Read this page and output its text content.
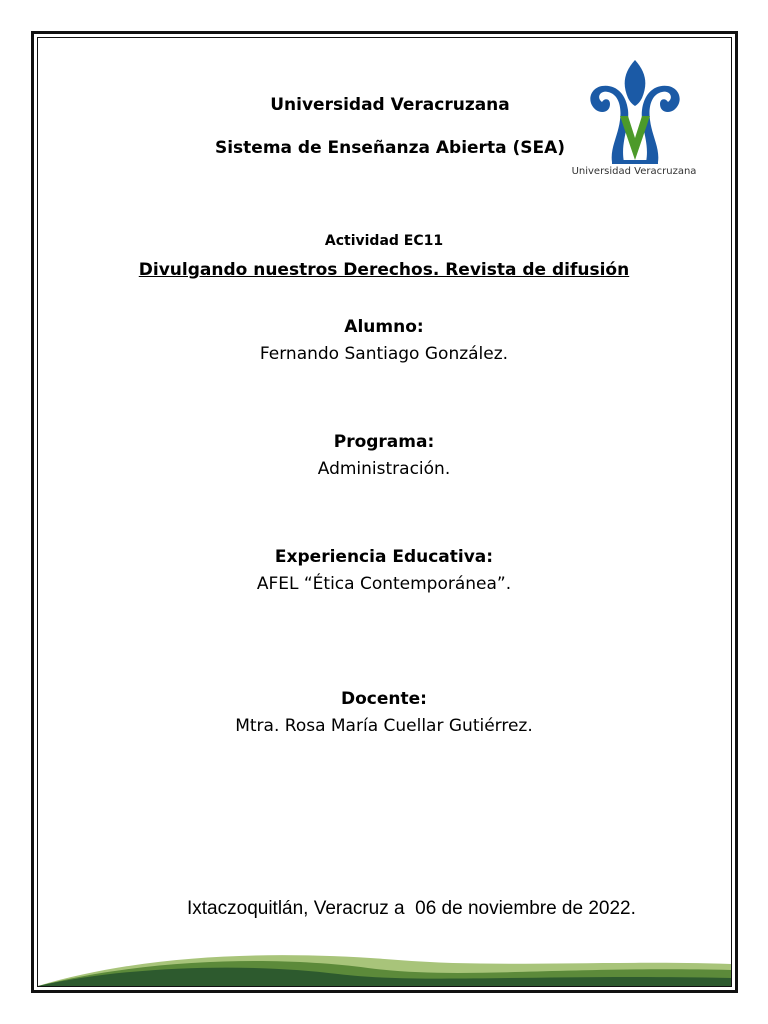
Universidad Veracruzana
Sistema de Enseñanza Abierta (SEA)
Universidad Veracruzana
Actividad EC11
Divulgando nuestros Derechos. Revista de difusión
Alumno:
Fernando Santiago González.
Programa:
Administración.
Experiencia Educativa:
AFEL “Ética Contemporánea”.
Docente:
Mtra. Rosa María Cuellar Gutiérrez.
Ixtaczoquitlán, Veracruz a  06 de noviembre de 2022.
